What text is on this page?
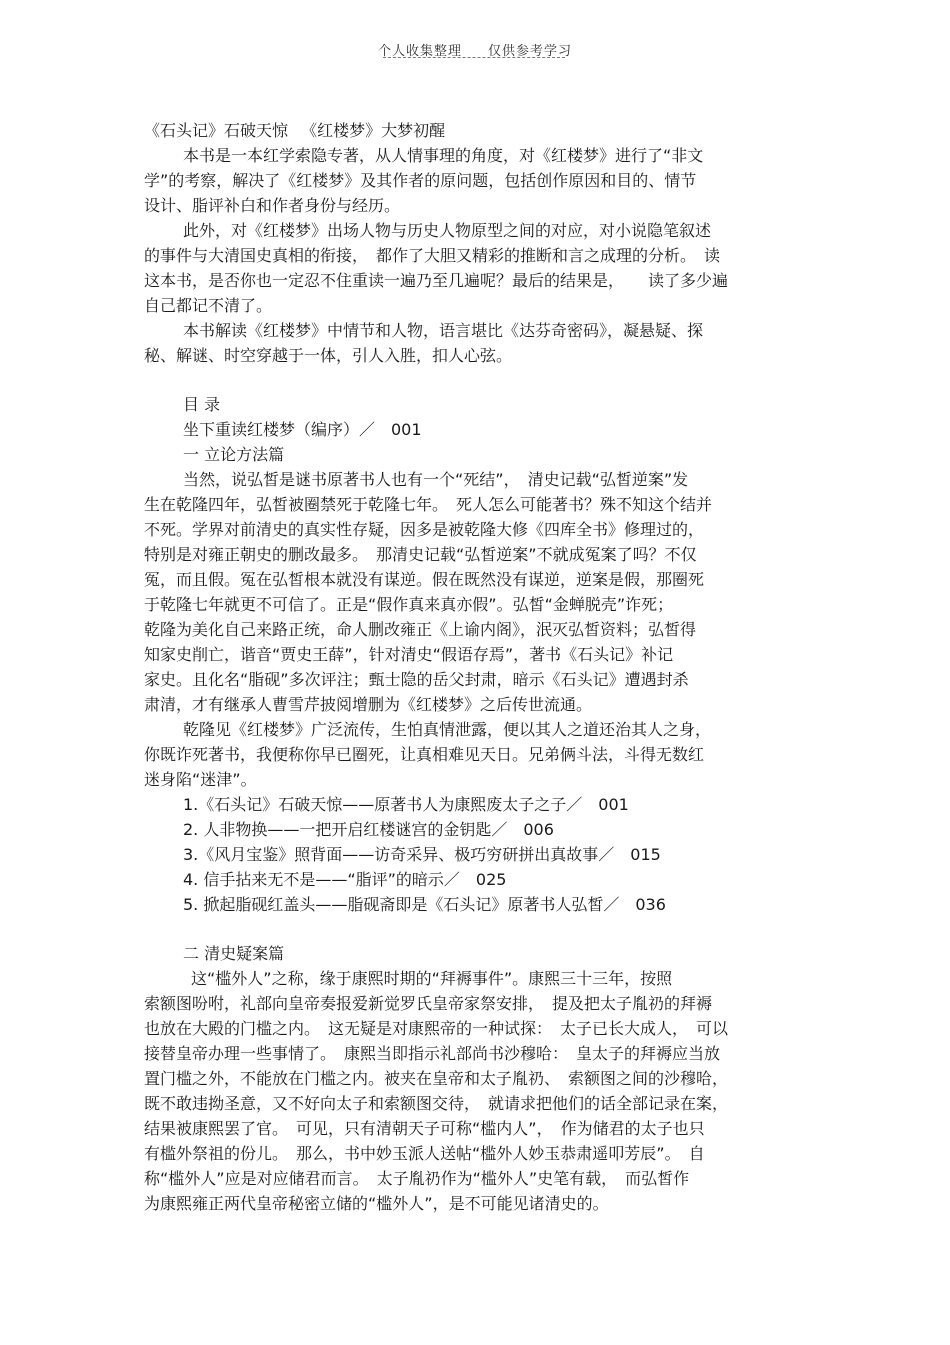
个人收集整理 仅供参考学习
《石头记》石破天惊 　《红楼梦》大梦初醒
本书是一本红学索隐专著，从人情事理的角度，对《红楼梦》进行了“非文
学”的考察，解决了《红楼梦》及其作者的原问题，包括创作原因和目的、情节
设计、脂评补白和作者身份与经历。
此外，对《红楼梦》出场人物与历史人物原型之间的对应，对小说隐笔叙述
的事件与大清国史真相的衔接，　都作了大胆又精彩的推断和言之成理的分析。　读
这本书，是否你也一定忍不住重读一遍乃至几遍呢？最后的结果是，　　读了多少遍
自己都记不清了。
本书解读《红楼梦》中情节和人物，语言堪比《达芬奇密码》，凝悬疑、探
秘、解谜、时空穿越于一体，引人入胜，扣人心弦。
目 录
坐下重读红楼梦（编序）／　001
一 立论方法篇
当然，说弘皙是谜书原著书人也有一个“死结”，　清史记载“弘皙逆案”发
生在乾隆四年，弘皙被圈禁死于乾隆七年。　死人怎么可能著书？殊不知这个结并
不死。学界对前清史的真实性存疑，因多是被乾隆大修《四库全书》修理过的，
特别是对雍正朝史的删改最多。　那清史记载“弘皙逆案”不就成冤案了吗？不仅
冤，而且假。冤在弘皙根本就没有谋逆。假在既然没有谋逆，逆案是假，那圈死
于乾隆七年就更不可信了。正是“假作真来真亦假”。弘皙“金蝉脱壳”诈死；
乾隆为美化自己来路正统，命人删改雍正《上谕内阁》，泯灭弘皙资料；弘皙得
知家史削亡，谐音“贾史王薛”，针对清史“假语存焉”，著书《石头记》补记
家史。且化名“脂砚”多次评注；甄士隐的岳父封肃，暗示《石头记》遭遇封杀
肃清，才有继承人曹雪芹披阅增删为《红楼梦》之后传世流通。
乾隆见《红楼梦》广泛流传，生怕真情泄露，便以其人之道还治其人之身，
你既诈死著书，我便称你早已圈死，让真相难见天日。兄弟俩斗法，斗得无数红
迷身陷“迷津”。
1.《石头记》石破天惊——原著书人为康熙废太子之子／　001
2. 人非物换——一把开启红楼谜宫的金钥匙／　006
3.《风月宝鉴》照背面——访奇采异、极巧穷研拼出真故事／　015
4. 信手拈来无不是——“脂评”的暗示／　025
5. 掀起脂砚红盖头——脂砚斋即是《石头记》原著书人弘皙／　036
二 清史疑案篇
这“槛外人”之称，缘于康熙时期的“拜褥事件”。康熙三十三年，按照
索额图吩咐，礼部向皇帝奏报爱新觉罗氏皇帝家祭安排，　提及把太子胤礽的拜褥
也放在大殿的门槛之内。　这无疑是对康熙帝的一种试探：　太子已长大成人，　可以
接替皇帝办理一些事情了。　康熙当即指示礼部尚书沙穆哈：　皇太子的拜褥应当放
置门槛之外，不能放在门槛之内。被夹在皇帝和太子胤礽、　索额图之间的沙穆哈，
既不敢违拗圣意，又不好向太子和索额图交待，　就请求把他们的话全部记录在案，
结果被康熙罢了官。　可见，只有清朝天子可称“槛内人”，　作为储君的太子也只
有槛外祭祖的份儿。　那么，书中妙玉派人送帖“槛外人妙玉恭肃遥叩芳辰”。　自
称“槛外人”应是对应储君而言。　太子胤礽作为“槛外人”史笔有载，　而弘皙作
为康熙雍正两代皇帝秘密立储的“槛外人”，是不可能见诸清史的。
